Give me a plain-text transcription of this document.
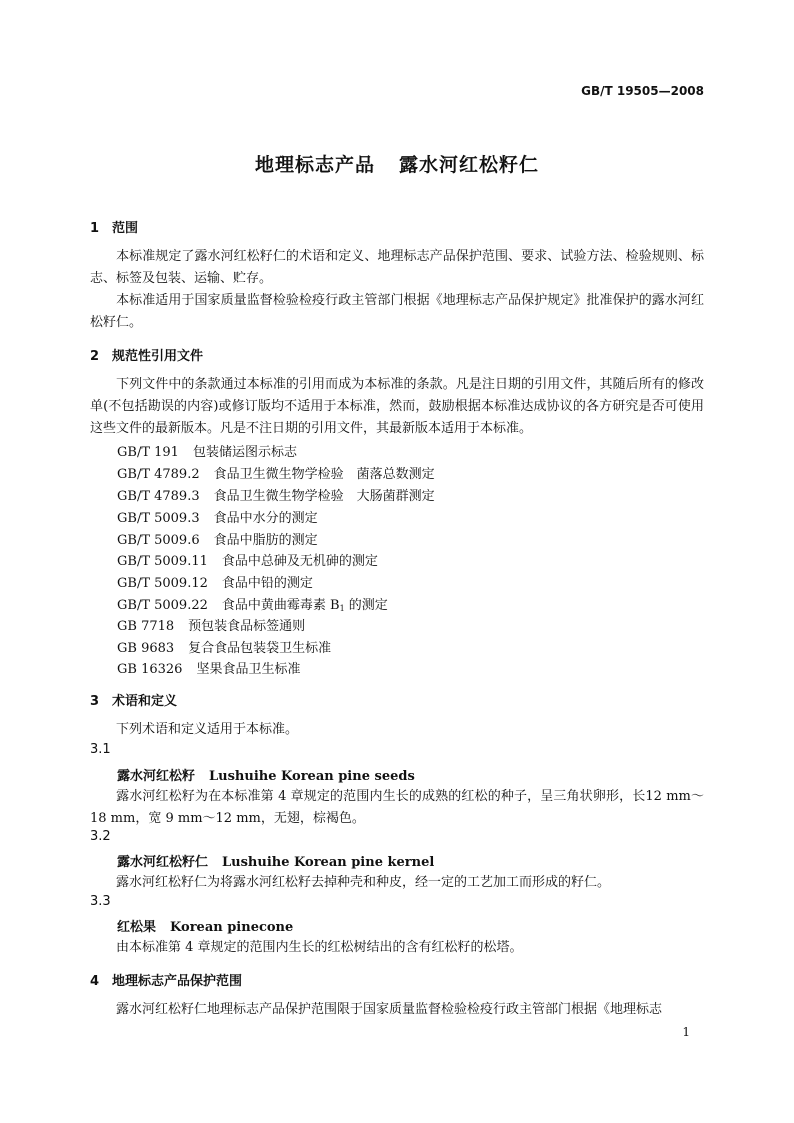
GB/T 19505—2008
地理标志产品 露水河红松籽仁
1 范围
本标准规定了露水河红松籽仁的术语和定义、地理标志产品保护范围、要求、试验方法、检验规则、标志、标签及包装、运输、贮存。
本标准适用于国家质量监督检验检疫行政主管部门根据《地理标志产品保护规定》批准保护的露水河红松籽仁。
2 规范性引用文件
下列文件中的条款通过本标准的引用而成为本标准的条款。凡是注日期的引用文件，其随后所有的修改单(不包括勘误的内容)或修订版均不适用于本标准，然而，鼓励根据本标准达成协议的各方研究是否可使用这些文件的最新版本。凡是不注日期的引用文件，其最新版本适用于本标准。
GB/T 191 包装储运图示标志
GB/T 4789.2 食品卫生微生物学检验　菌落总数测定
GB/T 4789.3 食品卫生微生物学检验　大肠菌群测定
GB/T 5009.3 食品中水分的测定
GB/T 5009.6 食品中脂肪的测定
GB/T 5009.11 食品中总砷及无机砷的测定
GB/T 5009.12 食品中铅的测定
GB/T 5009.22 食品中黄曲霉毒素 $B_1$ 的测定
GB 7718 预包装食品标签通则
GB 9683 复合食品包装袋卫生标准
GB 16326 坚果食品卫生标准
3 术语和定义
下列术语和定义适用于本标准。
3.1
露水河红松籽 Lushuihe Korean pine seeds
露水河红松籽为在本标准第 4 章规定的范围内生长的成熟的红松的种子，呈三角状卵形，长12 mm～18 mm，宽 9 mm～12 mm，无翅，棕褐色。
3.2
露水河红松籽仁 Lushuihe Korean pine kernel
露水河红松籽仁为将露水河红松籽去掉种壳和种皮，经一定的工艺加工而形成的籽仁。
3.3
红松果 Korean pinecone
由本标准第 4 章规定的范围内生长的红松树结出的含有红松籽的松塔。
4 地理标志产品保护范围
露水河红松籽仁地理标志产品保护范围限于国家质量监督检验检疫行政主管部门根据《地理标志
1
